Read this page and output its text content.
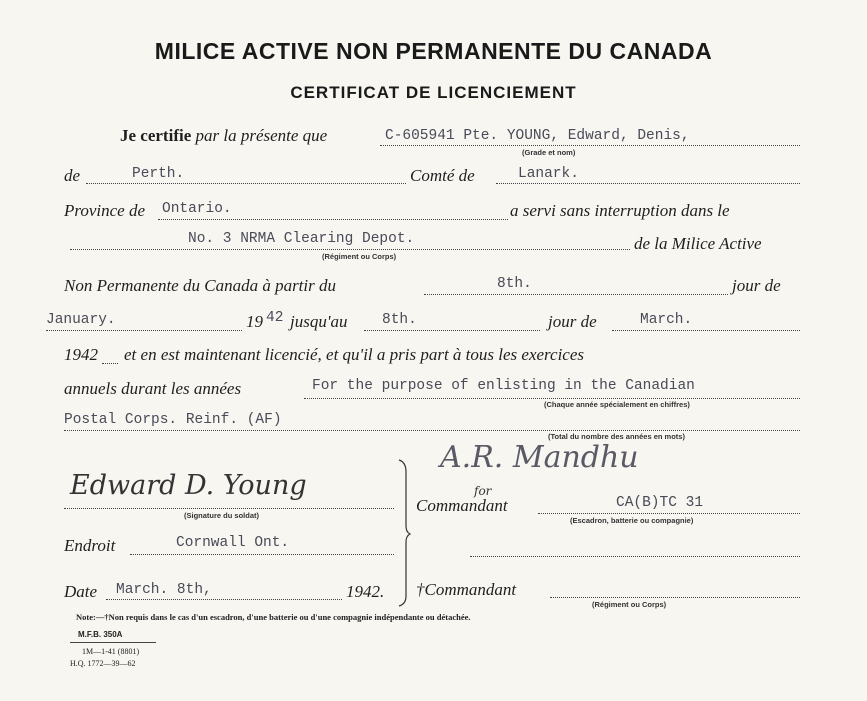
MILICE ACTIVE NON PERMANENTE DU CANADA
CERTIFICAT DE LICENCIEMENT
Je certifie par la présente que	C-605941 Pte. YOUNG, Edward, Denis,
(Grade et nom)
de	Perth.	Comté de	Lanark.
Province de Ontario.	a servi sans interruption dans le
No. 3 NRMA Clearing Depot.
(Régiment ou Corps)
de la Milice Active
Non Permanente du Canada à partir du	8th.	jour de
January.	19 42 jusqu'au 8th.	jour de	March.
1942 et en est maintenant licencié, et qu'il a pris part à tous les exercices
annuels durant les années	For the purpose of enlisting in the Canadian
(Chaque année spécialement en chiffres)
Postal Corps. Reinf. (AF)
(Total du nombre des années en mots)
Edward D. Young
(Signature du soldat)
Endroit	Cornwall Ont.
Date March. 8th,	1942.
A.R. Mandhu
Commandant
for
CA(B)TC 31
(Escadron, batterie ou compagnie)
†Commandant
(Régiment ou Corps)
Note:—†Non requis dans le cas d'un escadron, d'une batterie ou d'une compagnie indépendante ou détachée.
M.F.B. 350A
1M—1-41 (8801)
H.Q. 1772—39—62
